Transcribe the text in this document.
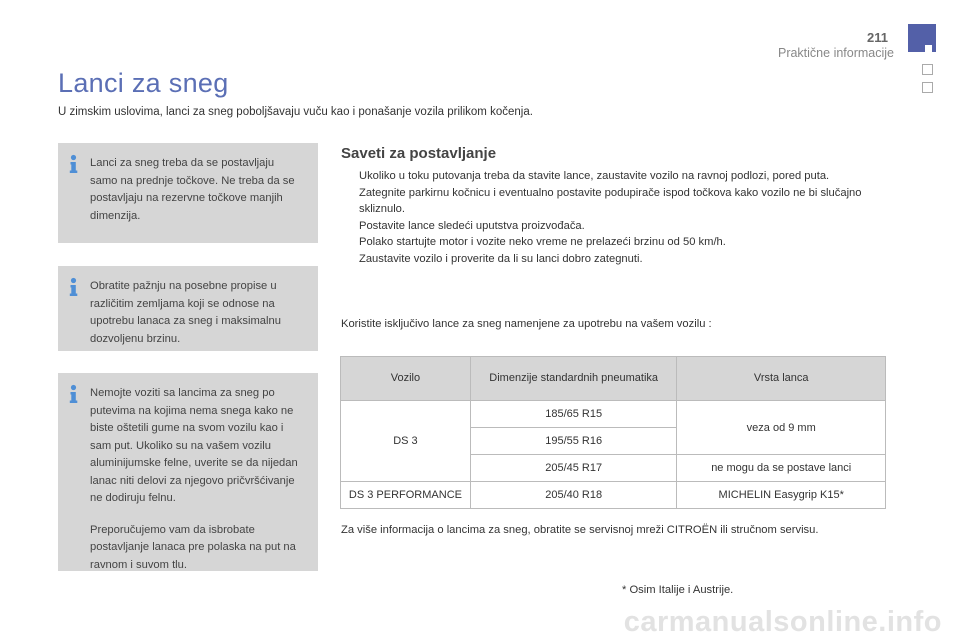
211
Praktične informacije
Lanci za sneg
U zimskim uslovima, lanci za sneg poboljšavaju vuču kao i ponašanje vozila prilikom kočenja.

Lanci za sneg treba da se postavljaju samo na prednje točkove. Ne treba da se postavljaju na rezervne točkove manjih dimenzija.

Obratite pažnju na posebne propise u različitim zemljama koji se odnose na upotrebu lanaca za sneg i maksimalnu dozvoljenu brzinu.

Nemojte voziti sa lancima za sneg po putevima na kojima nema snega kako ne biste oštetili gume na svom vozilu kao i sam put. Ukoliko su na vašem vozilu aluminijumske felne, uverite se da nijedan lanac niti delovi za njegovo pričvršćivanje ne dodiruju felnu.

Preporučujemo vam da isbrobate postavljanje lanaca pre polaska na put na ravnom i suvom tlu.

Saveti za postavljanje
Ukoliko u toku putovanja treba da stavite lance, zaustavite vozilo na ravnoj podlozi, pored puta.
Zategnite parkirnu kočnicu i eventualno postavite podupirače ispod točkova kako vozilo ne bi slučajno skliznulo.
Postavite lance sledeći uputstva proizvođača.
Polako startujte motor i vozite neko vreme ne prelazeći brzinu od 50 km/h.
Zaustavite vozilo i proverite da li su lanci dobro zategnuti.
Koristite isključivo lance za sneg namenjene za upotrebu na vašem vozilu :
Vozilo	Dimenzije standardnih pneumatika	Vrsta lanca
DS 3	185/65 R15	veza od 9 mm
	195/55 R16	
	205/45 R17	ne mogu da se postave lanci
DS 3 PERFORMANCE	205/40 R18	MICHELIN Easygrip K15*
Za više informacija o lancima za sneg, obratite se servisnoj mreži CITROËN ili stručnom servisu.
* Osim Italije i Austrije.
carmanualsonline.info
